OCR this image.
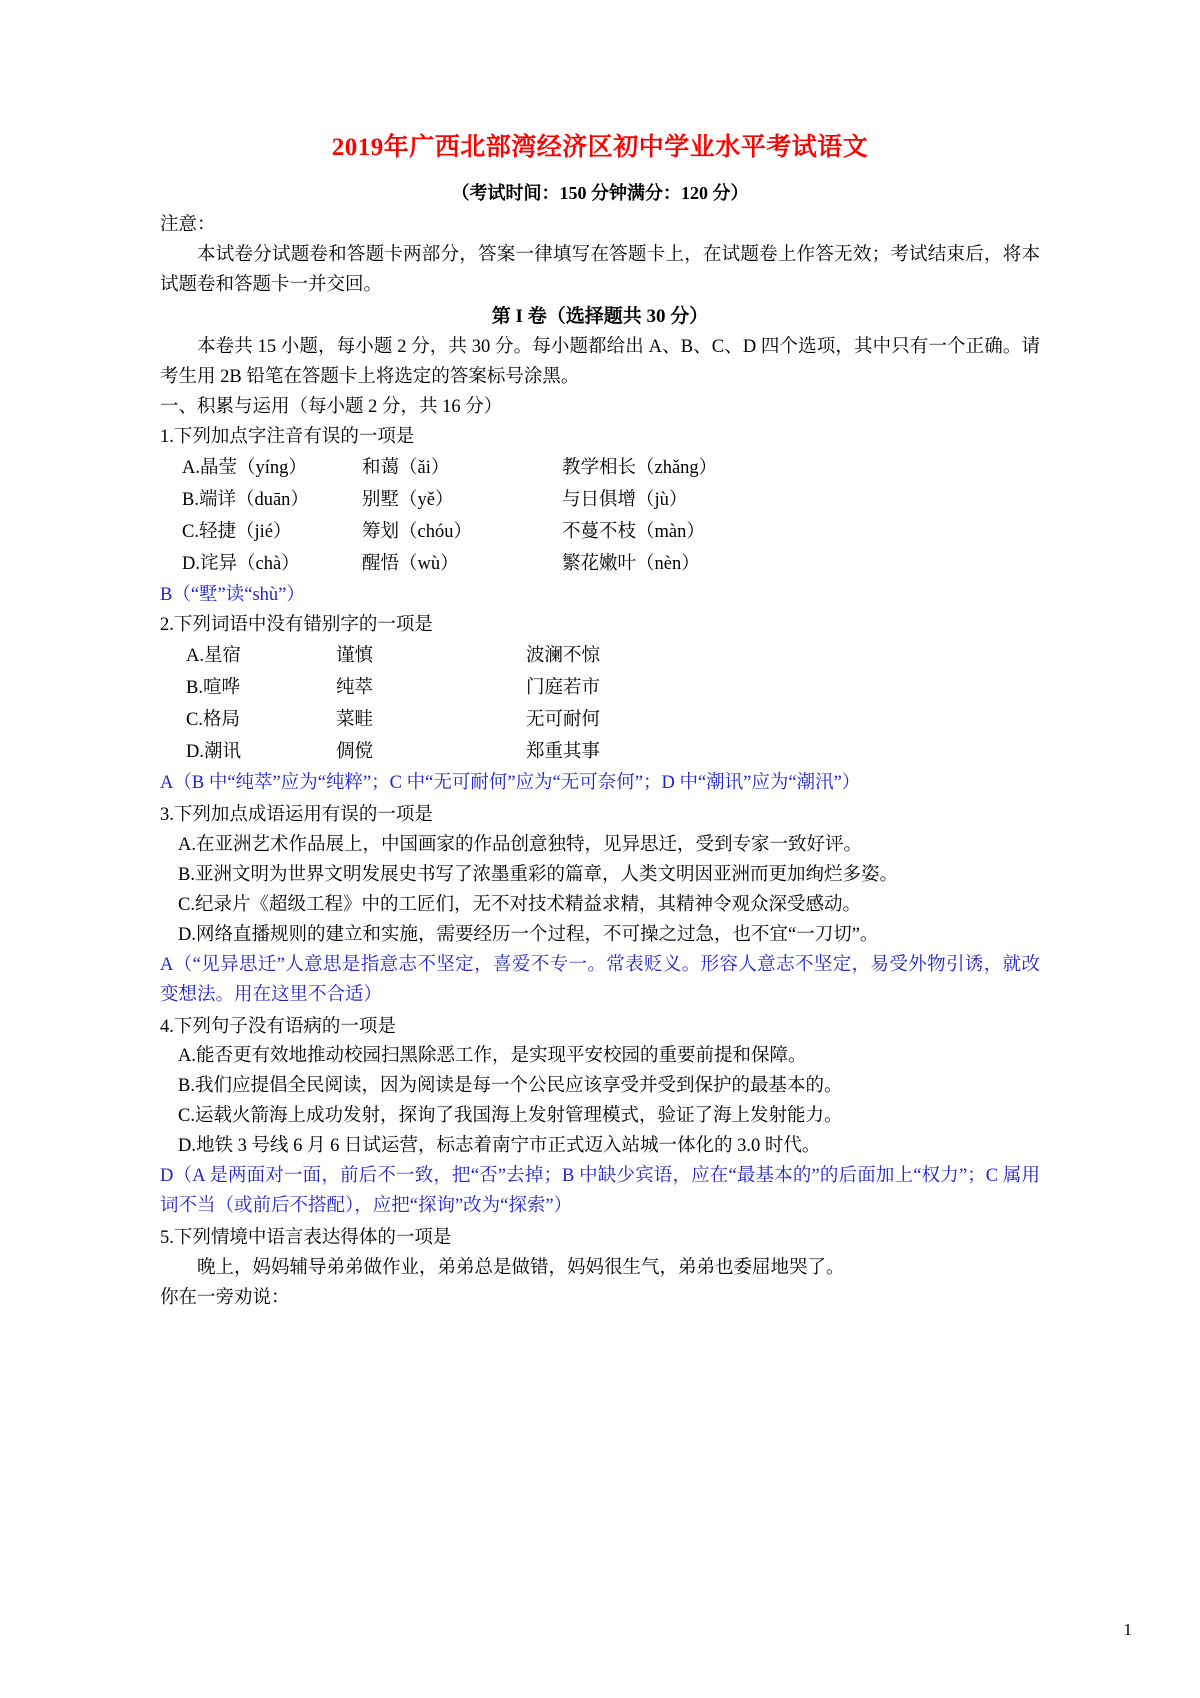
2019年广西北部湾经济区初中学业水平考试语文
（考试时间：150 分钟满分：120 分）

注意：

本试卷分试题卷和答题卡两部分，答案一律填写在答题卡上，在试题卷上作答无效；考试结束后，将本试题卷和答题卡一并交回。

第 I 卷（选择题共 30 分）

本卷共 15 小题，每小题 2 分，共 30 分。每小题都给出 A、B、C、D 四个选项，其中只有一个正确。请考生用 2B 铅笔在答题卡上将选定的答案标号涂黑。

一、积累与运用（每小题 2 分，共 16 分）

1.下列加点字注音有误的一项是

A.晶莹（yíng）	和蔼（ǎi）	教学相长（zhǎng）
B.端详（duān）	别墅（yě）	与日俱增（jù）
C.轻捷（jié）	筹划（chóu）	不蔓不枝（màn）
D.诧异（chà）	醒悟（wù）	繁花嫩叶（nèn）

B（“墅”读“shù”）

2.下列词语中没有错别字的一项是

A.星宿	谨慎	波澜不惊
B.喧哗	纯萃	门庭若市
C.格局	菜畦	无可耐何
D.潮讯	倜傥	郑重其事

A（B 中“纯萃”应为“纯粹”；C 中“无可耐何”应为“无可奈何”；D 中“潮讯”应为“潮汛”）

3.下列加点成语运用有误的一项是

A.在亚洲艺术作品展上，中国画家的作品创意独特，见异思迁，受到专家一致好评。

B.亚洲文明为世界文明发展史书写了浓墨重彩的篇章，人类文明因亚洲而更加绚烂多姿。

C.纪录片《超级工程》中的工匠们，无不对技术精益求精，其精神令观众深受感动。

D.网络直播规则的建立和实施，需要经历一个过程，不可操之过急，也不宜“一刀切”。

A（“见异思迁”人意思是指意志不坚定，喜爱不专一。常表贬义。形容人意志不坚定，易受外物引诱，就改变想法。用在这里不合适）

4.下列句子没有语病的一项是

A.能否更有效地推动校园扫黑除恶工作，是实现平安校园的重要前提和保障。

B.我们应提倡全民阅读，因为阅读是每一个公民应该享受并受到保护的最基本的。

C.运载火箭海上成功发射，探询了我国海上发射管理模式，验证了海上发射能力。

D.地铁 3 号线 6 月 6 日试运营，标志着南宁市正式迈入站城一体化的 3.0 时代。

D（A 是两面对一面，前后不一致，把“否”去掉；B 中缺少宾语，应在“最基本的”的后面加上“权力”；C 属用词不当（或前后不搭配），应把“探询”改为“探索”）

5.下列情境中语言表达得体的一项是

晚上，妈妈辅导弟弟做作业，弟弟总是做错，妈妈很生气，弟弟也委屈地哭了。

你在一旁劝说：

1
